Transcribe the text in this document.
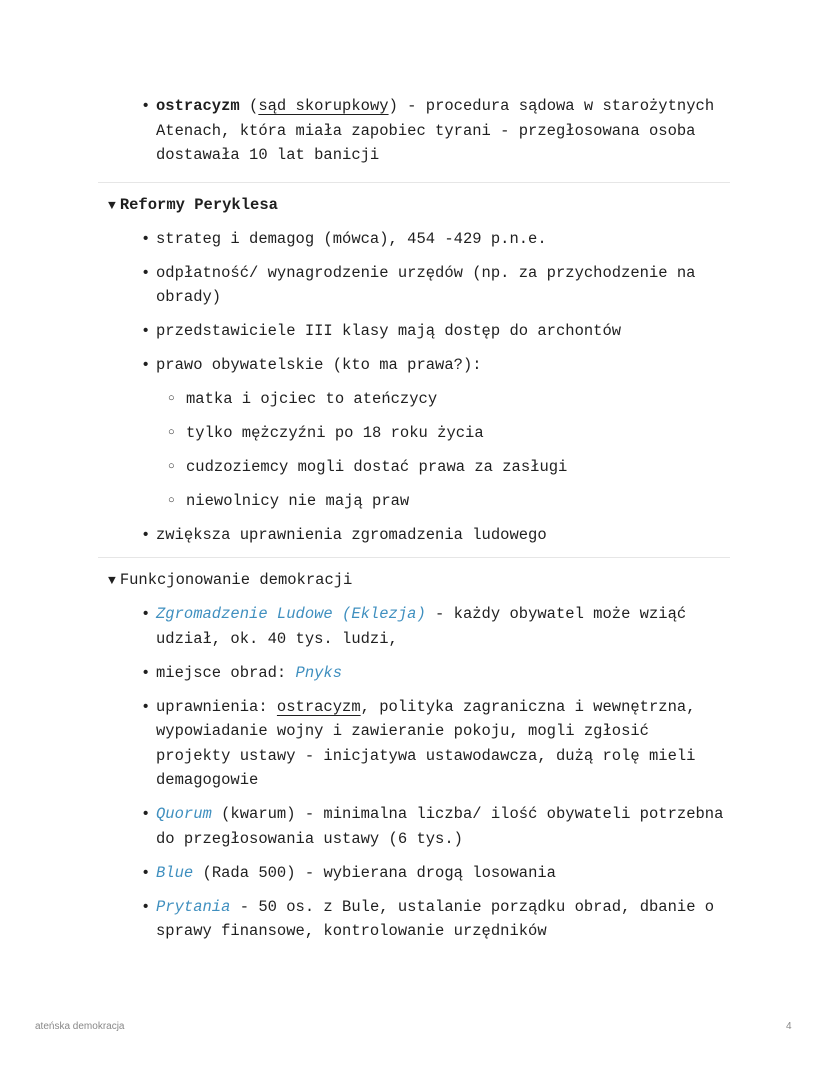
• ostracyzm (sąd skorupkowy) - procedura sądowa w starożytnych Atenach, która miała zapobiec tyrani - przegłosowana osoba dostawała 10 lat banicji
▼ Reformy Peryklesa
• strateg i demagog (mówca), 454 -429 p.n.e.
• odpłatność/ wynagrodzenie urzędów (np. za przychodzenie na obrady)
• przedstawiciele III klasy mają dostęp do archontów
• prawo obywatelskie (kto ma prawa?):
○ matka i ojciec to ateńczycy
○ tylko mężczyźni po 18 roku życia
○ cudzoziemcy mogli dostać prawa za zasługi
○ niewolnicy nie mają praw
• zwiększa uprawnienia zgromadzenia ludowego
▼ Funkcjonowanie demokracji
• Zgromadzenie Ludowe (Eklezja) - każdy obywatel może wziąć udział, ok. 40 tys. ludzi,
• miejsce obrad: Pnyks
• uprawnienia: ostracyzm, polityka zagraniczna i wewnętrzna, wypowiadanie wojny i zawieranie pokoju, mogli zgłosić projekty ustawy - inicjatywa ustawodawcza, dużą rolę mieli demagogowie
• Quorum (kwarum) - minimalna liczba/ ilość obywateli potrzebna do przegłosowania ustawy (6 tys.)
• Blue (Rada 500) - wybierana drogą losowania
• Prytania - 50 os. z Bule, ustalanie porządku obrad, dbanie o sprawy finansowe, kontrolowanie urzędników
ateńska demokracja	4
